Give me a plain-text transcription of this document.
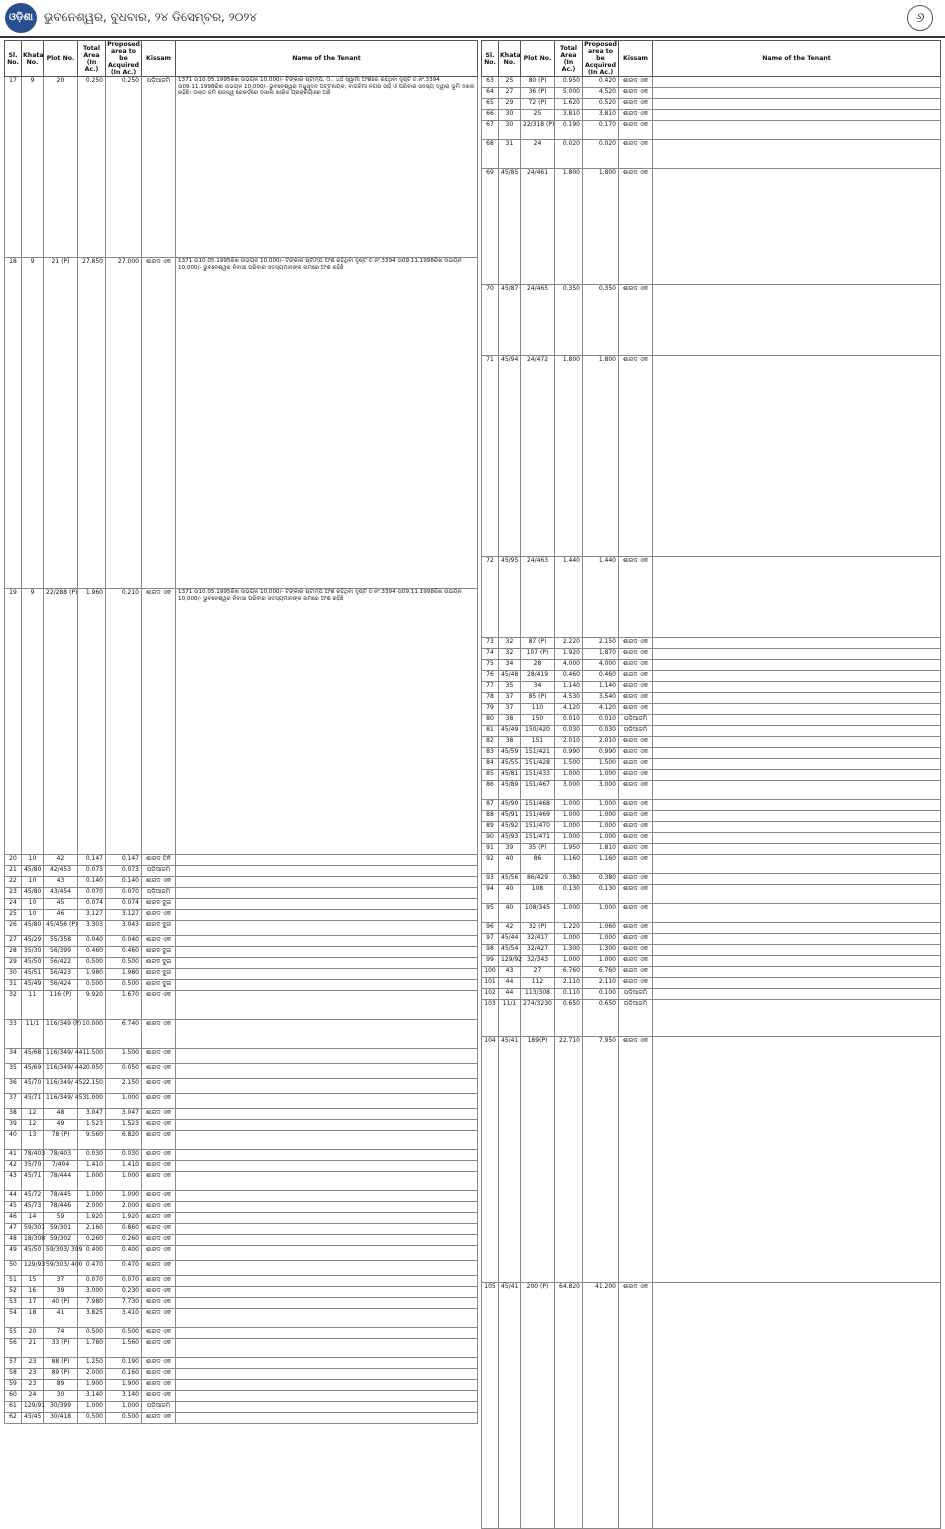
ଓଡ଼ିଶା 51
ଭୁବନେଶ୍ୱର, ବୁଧବାର, ୨୪ ଡିସେମ୍ବର, ୨୦୨୪	୬
Sl. No.	Khata No.	Plot No.	Total Area (In Ac.)	Proposed area to be Acquired (In Ac.)	Kissam	Name of the Tenant
17	9	20	0.250	0.250	ପଡ଼ିଆଜମି	1371 ତା10.05.1995ରିଖ ଉଭୟନ 10,000/- ଟଙ୍କାର ଷ୍ଟାମ୍ପ, ୦.. ୪ର୍ଥ ସ୍ୱାମୀ ଅଂଶରେ ରହିଥିବା ଦୃଷ୍ଟ ତ.ନଂ.3394 ତା09.11.1998ରିଖ ଉଭୟନ 10,000/- ଭୁବନେଶ୍ୱର ମଧୁସୂଦନ ପଟ୍ଟନାୟକ, ବାଗଚିମା ନଗର ସାହି ଓ ପରିବାର ସଦସ୍ୟ ଦ୍ୱାରା ଭୂମି ଦଖଲ ରହିଛି। ଉକ୍ତ ଜମି ରାଜସ୍ୱ ରେକର୍ଡରେ ଦାଖଲ ଖାରିଜ ପ୍ରକ୍ରିୟାରେ ଅଛି
18	9	21 (P)	27.850	27.000	ଶାରଦ ଏକ	1371 ତା10.05.1995ରିଖ ଉଭୟନ 10,000/- ଟଙ୍କାର ଷ୍ଟାମ୍ପ ଅଂଶ ରହିଥିବା ଦୃଷ୍ଟ ତ.ନଂ.3394 ତା09.11.1998ରିଖ ଉଭୟନ 10,000/- ଭୁବନେଶ୍ୱର ନିବାସୀ ପରିବାର ସଦସ୍ୟମାନଙ୍କ ନାମରେ ଅଂଶ ରହିଛି
19	9	22/288 (P)	1.960	0.210	ଶାରଦ ଏକ	1371 ତା10.05.1995ରିଖ ଉଭୟନ 10,000/- ଟଙ୍କାର ଷ୍ଟାମ୍ପ ଅଂଶ ରହିଥିବା ଦୃଷ୍ଟ ତ.ନଂ.3394 ତା09.11.1998ରିଖ ଉଭୟନ 10,000/- ଭୁବନେଶ୍ୱର ନିବାସୀ ପରିବାର ସଦସ୍ୟମାନଙ୍କ ନାମରେ ଅଂଶ ରହିଛି
20	10	42	0.147	0.147	ଶାରଦ ତିନି	
21	45/80	42/453	0.073	0.073	ପଡ଼ିଆଜମି	
22	10	43	0.140	0.140	ଶାରଦ ଏକ	
23	45/80	43/454	0.070	0.070	ପଡ଼ିଆଜମି	
24	10	45	0.074	0.074	ଶାରଦ ଦୁଇ	
25	10	46	3.127	3.127	ଶାରଦ ଏକ	
26	45/80	45/456 (P)	3.303	3.043	ଶାରଦ ଦୁଇ	
27	45/29	55/358	0.040	0.040	ଶାରଦ ଏକ	
28	35/30	56/399	0.460	0.460	ଶାରଦ ଦୁଇ	
29	45/50	56/422	0.500	0.500	ଶାରଦ ଦୁଇ	
30	45/51	56/423	1.980	1.980	ଶାରଦ ଦୁଇ	
31	45/49	56/424	0.500	0.500	ଶାରଦ ଦୁଇ	
32	11	116 (P)	9.920	1.670	ଶାରଦ ଏକ	
33	11/1	116/349 (P)	10.000	6.740	ଶାରଦ ଏକ	
34	45/68	116/349/ 441	1.500	1.500	ଶାରଦ ଏକ	
35	45/69	116/349/ 442	0.050	0.050	ଶାରଦ ଏକ	
36	45/70	116/349/ 452	2.150	2.150	ଶାରଦ ଏକ	
37	45/71	116/349/ 453	1.000	1.000	ଶାରଦ ଏକ	
38	12	48	3.047	3.047	ଶାରଦ ଏକ	
39	12	49	1.523	1.523	ଶାରଦ ଏକ	
40	13	78 (P)	9.560	6.820	ଶାରଦ ଏକ	
41	78/403	78/403	0.030	0.030	ଶାରଦ ଏକ	
42	35/70	7/404	1.410	1.410	ଶାରଦ ଏକ	
43	45/71	78/444	1.000	1.000	ଶାରଦ ଏକ	
44	45/72	78/445	1.000	1.000	ଶାରଦ ଏକ	
45	45/73	78/446	2.000	2.000	ଶାରଦ ଏକ	
46	14	59	1.920	1.920	ଶାରଦ ଏକ	
47	59/301	59/301	2.160	0.860	ଶାରଦ ଏକ	
48	18/308	59/302	0.260	0.260	ଶାରଦ ଏକ	
49	45/50	59/303/ 399	0.400	0.400	ଶାରଦ ଏକ	
50	129/93	59/303/ 400	0.470	0.470	ଶାରଦ ଏକ	
51	15	37	0.070	0.070	ଶାରଦ ଏକ	
52	16	39	3.000	0.230	ଶାରଦ ଏକ	
53	17	40 (P)	7.980	7.730	ଶାରଦ ଏକ	
54	18	41	3.825	3.410	ଶାରଦ ଏକ	
55	20	74	0.500	0.500	ଶାରଦ ଏକ	
56	21	33 (P)	1.780	1.560	ଶାରଦ ଏକ	
57	23	88 (P)	1.250	0.190	ଶାରଦ ଏକ	
58	23	89 (P)	2.000	0.160	ଶାରଦ ଏକ	
59	23	89	1.900	1.900	ଶାରଦ ଏକ	
60	24	30	3.140	3.140	ଶାରଦ ଏକ	
61	129/91	30/399	1.000	1.000	ପଡ଼ିଆଜମି	
62	45/45	30/418	0.500	0.500	ଶାରଦ ଏକ	
Sl. No.	Khata No.	Plot No.	Total Area (In Ac.)	Proposed area to be Acquired (In Ac.)	Kissam	Name of the Tenant
63	25	80 (P)	0.950	0.420	ଶାରଦ ଏକ	
64	27	36 (P)	5.000	4.520	ଶାରଦ ଏକ	
65	29	72 (P)	1.620	0.520	ଶାରଦ ଏକ	
66	30	25	3.810	3.810	ଶାରଦ ଏକ	
67	30	22/318 (P)	0.190	0.170	ଶାରଦ ଏକ	
68	31	24	0.020	0.020	ଶାରଦ ଏକ	
69	45/85	24/461	1.800	1.800	ଶାରଦ ଏକ	
70	45/87	24/465	0.350	0.350	ଶାରଦ ଏକ	
71	45/94	24/472	1.800	1.800	ଶାରଦ ଏକ	
72	45/95	24/463	1.440	1.440	ଶାରଦ ଏକ	
73	32	87 (P)	2.220	2.150	ଶାରଦ ଏକ	
74	32	107 (P)	1.920	1.870	ଶାରଦ ଏକ	
75	34	28	4.000	4.000	ଶାରଦ ଏକ	
76	45/48	28/419	0.460	0.460	ଶାରଦ ଏକ	
77	35	34	1.140	1.140	ଶାରଦ ଏକ	
78	37	85 (P)	4.530	3.540	ଶାରଦ ଏକ	
79	37	110	4.120	4.120	ଶାରଦ ଏକ	
80	38	150	0.010	0.010	ପଡ଼ିଆଜମି	
81	45/49	150/420	0.030	0.030	ପଡ଼ିଆଜମି	
82	38	151	2.010	2.010	ଶାରଦ ଏକ	
83	45/59	151/421	0.990	0.990	ଶାରଦ ଏକ	
84	45/55	151/428	1.500	1.500	ଶାରଦ ଏକ	
85	45/81	151/433	1.000	1.000	ଶାରଦ ଏକ	
86	45/89	151/467	3.000	3.000	ଶାରଦ ଏକ	
87	45/90	151/468	1.000	1.000	ଶାରଦ ଏକ	
88	45/91	151/469	1.000	1.000	ଶାରଦ ଏକ	
89	45/92	151/470	1.000	1.000	ଶାରଦ ଏକ	
90	45/93	151/471	1.000	1.000	ଶାରଦ ଏକ	
91	39	35 (P)	1.950	1.810	ଶାରଦ ଏକ	
92	40	86	1.160	1.160	ଶାରଦ ଏକ	
93	45/56	86/429	0.380	0.380	ଶାରଦ ଏକ	
94	40	108	0.130	0.130	ଶାରଦ ଏକ	
95	40	108/345	1.000	1.000	ଶାରଦ ଏକ	
96	42	32 (P)	1.220	1.060	ଶାରଦ ଏକ	
97	45/44	32/417	1.000	1.000	ଶାରଦ ଏକ	
98	45/54	32/427	1.300	1.300	ଶାରଦ ଏକ	
99	129/92	32/343	1.000	1.000	ଶାରଦ ଏକ	
100	43	27	6.760	6.760	ଶାରଦ ଏକ	
101	44	112	2.110	2.110	ଶାରଦ ଏକ	
102	44	113/308	0.110	0.100	ପଡ଼ିଆଜମି	
103	11/1	274/3230	0.650	0.650	ପଡ଼ିଆଜମି	
104	45/41	189(P)	22.710	7.950	ଶାରଦ ଏକ	
105	45/41	200 (P)	64.820	41.200	ଶାରଦ ଏକ	
